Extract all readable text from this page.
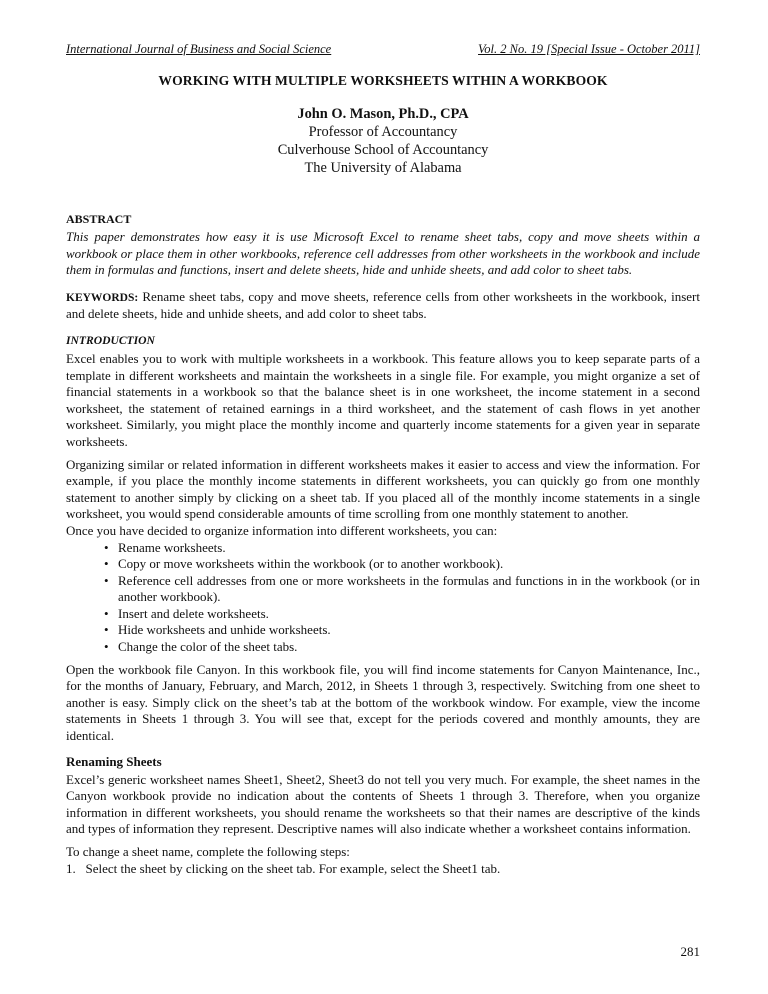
International Journal of Business and Social Science	Vol. 2 No. 19 [Special Issue - October 2011]
WORKING WITH MULTIPLE WORKSHEETS WITHIN A WORKBOOK
John O. Mason, Ph.D., CPA
Professor of Accountancy
Culverhouse School of Accountancy
The University of Alabama
ABSTRACT

This paper demonstrates how easy it is use Microsoft Excel to rename sheet tabs, copy and move sheets within a workbook or place them in other workbooks, reference cell addresses from other worksheets in the workbook and include them in formulas and functions, insert and delete sheets, hide and unhide sheets, and add color to sheet tabs.

KEYWORDS: Rename sheet tabs, copy and move sheets, reference cells from other worksheets in the workbook, insert and delete sheets, hide and unhide sheets, and add color to sheet tabs.

INTRODUCTION

Excel enables you to work with multiple worksheets in a workbook. This feature allows you to keep separate parts of a template in different worksheets and maintain the worksheets in a single file. For example, you might organize a set of financial statements in a workbook so that the balance sheet is in one worksheet, the income statement in a second worksheet, the statement of retained earnings in a third worksheet, and the statement of cash flows in yet another worksheet. Similarly, you might place the monthly income and quarterly income statements for a given year in separate worksheets.

Organizing similar or related information in different worksheets makes it easier to access and view the information. For example, if you place the monthly income statements in different worksheets, you can quickly go from one monthly statement to another simply by clicking on a sheet tab. If you placed all of the monthly income statements in a single worksheet, you would spend considerable amounts of time scrolling from one monthly statement to another.

Once you have decided to organize information into different worksheets, you can:

• Rename worksheets.
• Copy or move worksheets within the workbook (or to another workbook).
• Reference cell addresses from one or more worksheets in the formulas and functions in in the workbook (or in another workbook).
• Insert and delete worksheets.
• Hide worksheets and unhide worksheets.
• Change the color of the sheet tabs.

Open the workbook file Canyon. In this workbook file, you will find income statements for Canyon Maintenance, Inc., for the months of January, February, and March, 2012, in Sheets 1 through 3, respectively. Switching from one sheet to another is easy. Simply click on the sheet’s tab at the bottom of the workbook window. For example, view the income statements in Sheets 1 through 3. You will see that, except for the periods covered and monthly amounts, they are identical.

Renaming Sheets

Excel’s generic worksheet names Sheet1, Sheet2, Sheet3 do not tell you very much. For example, the sheet names in the Canyon workbook provide no indication about the contents of Sheets 1 through 3. Therefore, when you organize information in different worksheets, you should rename the worksheets so that their names are descriptive of the kinds and types of information they represent. Descriptive names will also indicate whether a worksheet contains information.

To change a sheet name, complete the following steps:

1.   Select the sheet by clicking on the sheet tab. For example, select the Sheet1 tab.
281
